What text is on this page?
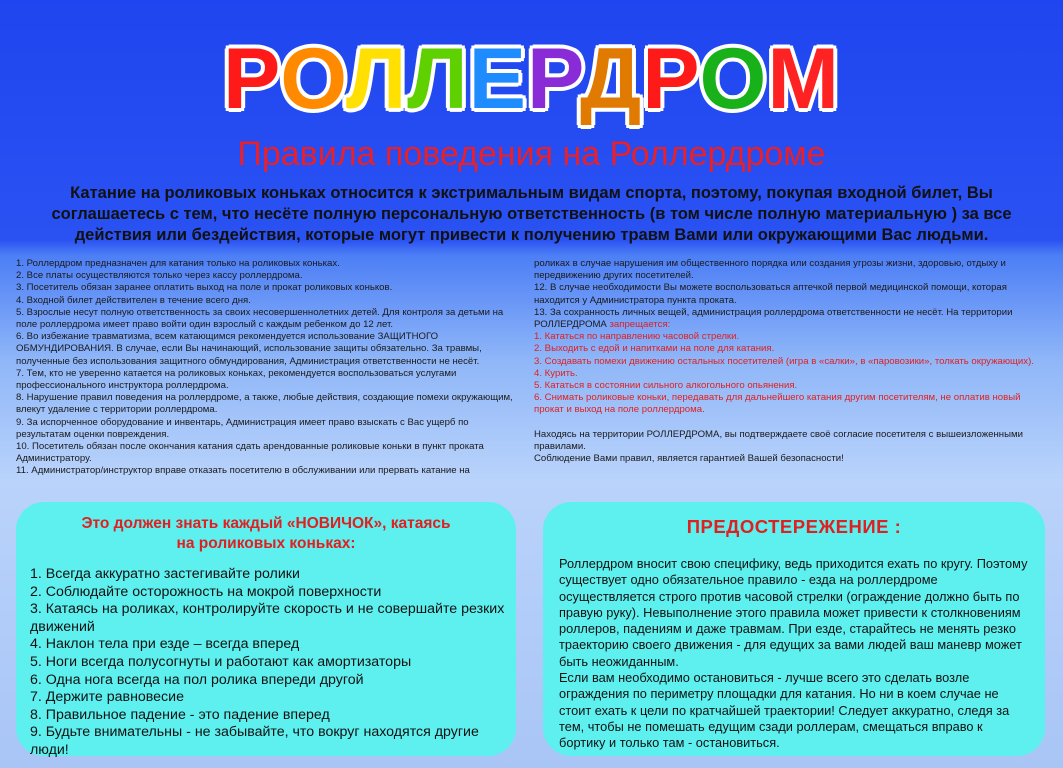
РОЛЛЕРДРОМ
Правила поведения на Роллердроме
Катание на роликовых коньках относится к экстримальным видам спорта, поэтому, покупая входной билет, Вы соглашаетесь с тем, что несёте полную персональную ответственность (в том числе полную материальную ) за все действия или бездействия, которые могут привести к получению травм Вами или окружающими Вас людьми.
1. Роллердром предназначен для катания только на роликовых коньках.
2. Все платы осуществляются только через кассу роллердрома.
3. Посетитель обязан заранее оплатить выход на поле и прокат роликовых коньков.
4. Входной билет действителен в течение всего дня.
5. Взрослые несут полную ответственность за своих несовершеннолетних детей. Для контроля за детьми на поле роллердрома имеет право войти один взрослый с каждым ребенком до 12 лет.
6. Во избежание травматизма, всем катающимся рекомендуется использование ЗАЩИТНОГО ОБМУНДИРОВАНИЯ. В случае, если Вы начинающий, использование защиты обязательно. За травмы, полученные без использования защитного обмундирования, Администрация ответственности не несёт.
7. Тем, кто не уверенно катается на роликовых коньках, рекомендуется воспользоваться услугами профессионального инструктора роллердрома.
8. Нарушение правил поведения на роллердроме, а также, любые действия, создающие помехи окружающим, влекут удаление с территории роллердрома.
9. За испорченное оборудование и инвентарь, Администрация имеет право взыскать с Вас ущерб по результатам оценки повреждения.
10. Посетитель обязан после окончания катания сдать арендованные роликовые коньки в пункт проката Администратору.
11. Администратор/инструктор вправе отказать посетителю в обслуживании или прервать катание на
роликах в случае нарушения им общественного порядка или создания угрозы жизни, здоровью, отдыху и передвижению других посетителей.
12. В случае необходимости Вы можете воспользоваться аптечкой первой медицинской помощи, которая находится у Администратора пункта проката.
13. За сохранность личных вещей, администрация роллердрома ответственности не несёт. На территории РОЛЛЕРДРОМА запрещается:
1. Кататься по направлению часовой стрелки.
2. Выходить с едой и напитками на поле для катания.
3. Создавать помехи движению остальных посетителей (игра в «салки», в «паровозики», толкать окружающих).
4. Курить.
5. Кататься в состоянии сильного алкогольного опьянения.
6. Снимать роликовые коньки, передавать для дальнейшего катания другим посетителям, не оплатив новый прокат и выход на поле роллердрома.
Находясь на территории РОЛЛЕРДРОМА, вы подтверждаете своё согласие посетителя с вышеизложенными правилами.
Соблюдение Вами правил, является гарантией Вашей безопасности!
Это должен знать каждый «НОВИЧОК», катаясь
на роликовых коньках:
1. Всегда аккуратно застегивайте ролики
2. Соблюдайте осторожность на мокрой поверхности
3. Катаясь на роликах, контролируйте скорость и не совершайте резких движений
4. Наклон тела при езде – всегда вперед
5. Ноги всегда полусогнуты и работают как амортизаторы
6. Одна нога всегда на пол ролика впереди другой
7. Держите равновесие
8. Правильное падение - это падение вперед
9. Будьте внимательны - не забывайте, что вокруг находятся другие люди!
ПРЕДОСТЕРЕЖЕНИЕ :
Роллердром вносит свою специфику, ведь приходится ехать по кругу. Поэтому существует одно обязательное правило - езда на роллердроме осуществляется строго против часовой стрелки (ограждение должно быть по правую руку). Невыполнение этого правила может привести к столкновениям роллеров, падениям и даже травмам. При езде, старайтесь не менять резко траекторию своего движения - для едущих за вами людей ваш маневр может быть неожиданным.
Если вам необходимо остановиться - лучше всего это сделать возле ограждения по периметру площадки для катания. Но ни в коем случае не стоит ехать к цели по кратчайшей траектории! Следует аккуратно, следя за тем, чтобы не помешать едущим сзади роллерам, смещаться вправо к бортику и только там - остановиться.
